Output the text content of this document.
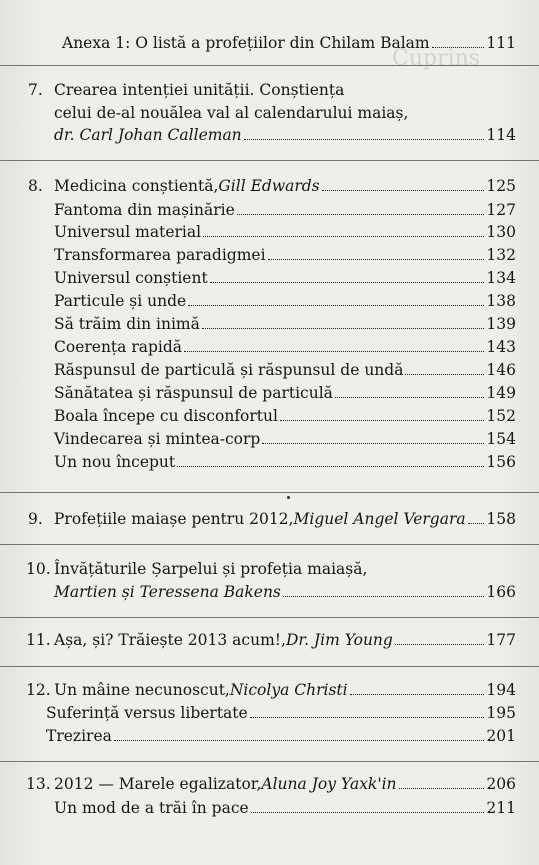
Cuprins
Anexa 1: O listă a profețiilor din Chilam Balam	111
7. Crearea intenției unității. Conștiența
celui de-al nouălea val al calendarului maiaș,
dr. Carl Johan Calleman	114
8. Medicina conștientă, Gill Edwards	125
Fantoma din mașinărie	127
Universul material	130
Transformarea paradigmei	132
Universul conștient	134
Particule și unde	138
Să trăim din inimă	139
Coerența rapidă	143
Răspunsul de particulă și răspunsul de undă	146
Sănătatea și răspunsul de particulă	149
Boala începe cu disconfortul	152
Vindecarea și mintea-corp	154
Un nou început	156
9. Profețiile maiașe pentru 2012, Miguel Angel Vergara 158
10. Învățăturile Șarpelui și profeția maiașă,
Martien și Teressena Bakens	166
11. Așa, și? Trăiește 2013 acum!, Dr. Jim Young	177
12. Un mâine necunoscut, Nicolya Christi	194
Suferință versus libertate	195
Trezirea	201
13. 2012 — Marele egalizator, Aluna Joy Yaxk'in	206
Un mod de a trăi în pace	211
